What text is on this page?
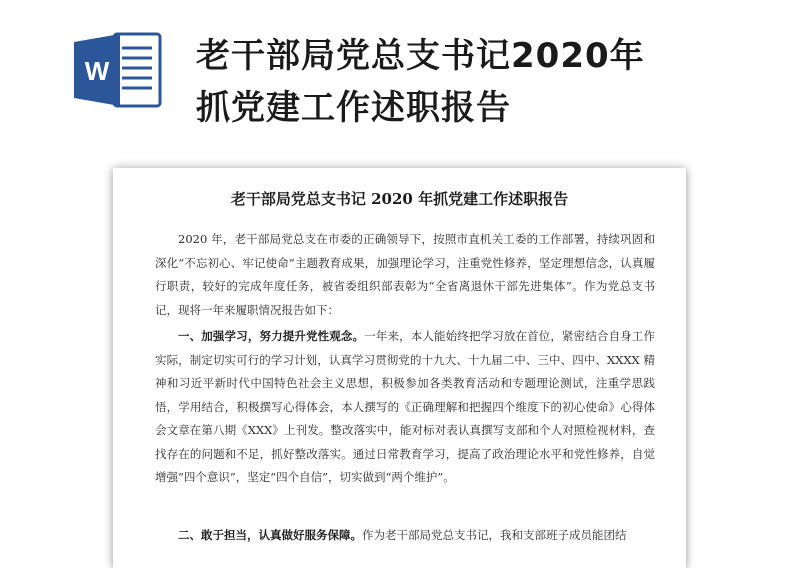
W	老干部局党总支书记2020年
抓党建工作述职报告
老干部局党总支书记 2020 年抓党建工作述职报告
2020 年，老干部局党总支在市委的正确领导下，按照市直机关工委的工作部署，持续巩固和深化“不忘初心、牢记使命”主题教育成果，加强理论学习，注重党性修养，坚定理想信念，认真履行职责，较好的完成年度任务，被省委组织部表彰为“全省离退休干部先进集体”。作为党总支书记，现将一年来履职情况报告如下：
一、加强学习，努力提升党性观念。一年来，本人能始终把学习放在首位，紧密结合自身工作实际，制定切实可行的学习计划，认真学习贯彻党的十九大、十九届二中、三中、四中、XXXX 精神和习近平新时代中国特色社会主义思想，积极参加各类教育活动和专题理论测试，注重学思践悟，学用结合，积极撰写心得体会，本人撰写的《正确理解和把握四个维度下的初心使命》心得体会文章在第八期《XXX》上刊发。整改落实中，能对标对表认真撰写支部和个人对照检视材料，查找存在的问题和不足，抓好整改落实。通过日常教育学习，提高了政治理论水平和党性修养，自觉增强“四个意识”，坚定“四个自信”，切实做到“两个维护”。
二、敢于担当，认真做好服务保障。作为老干部局党总支书记，我和支部班子成员能团结
